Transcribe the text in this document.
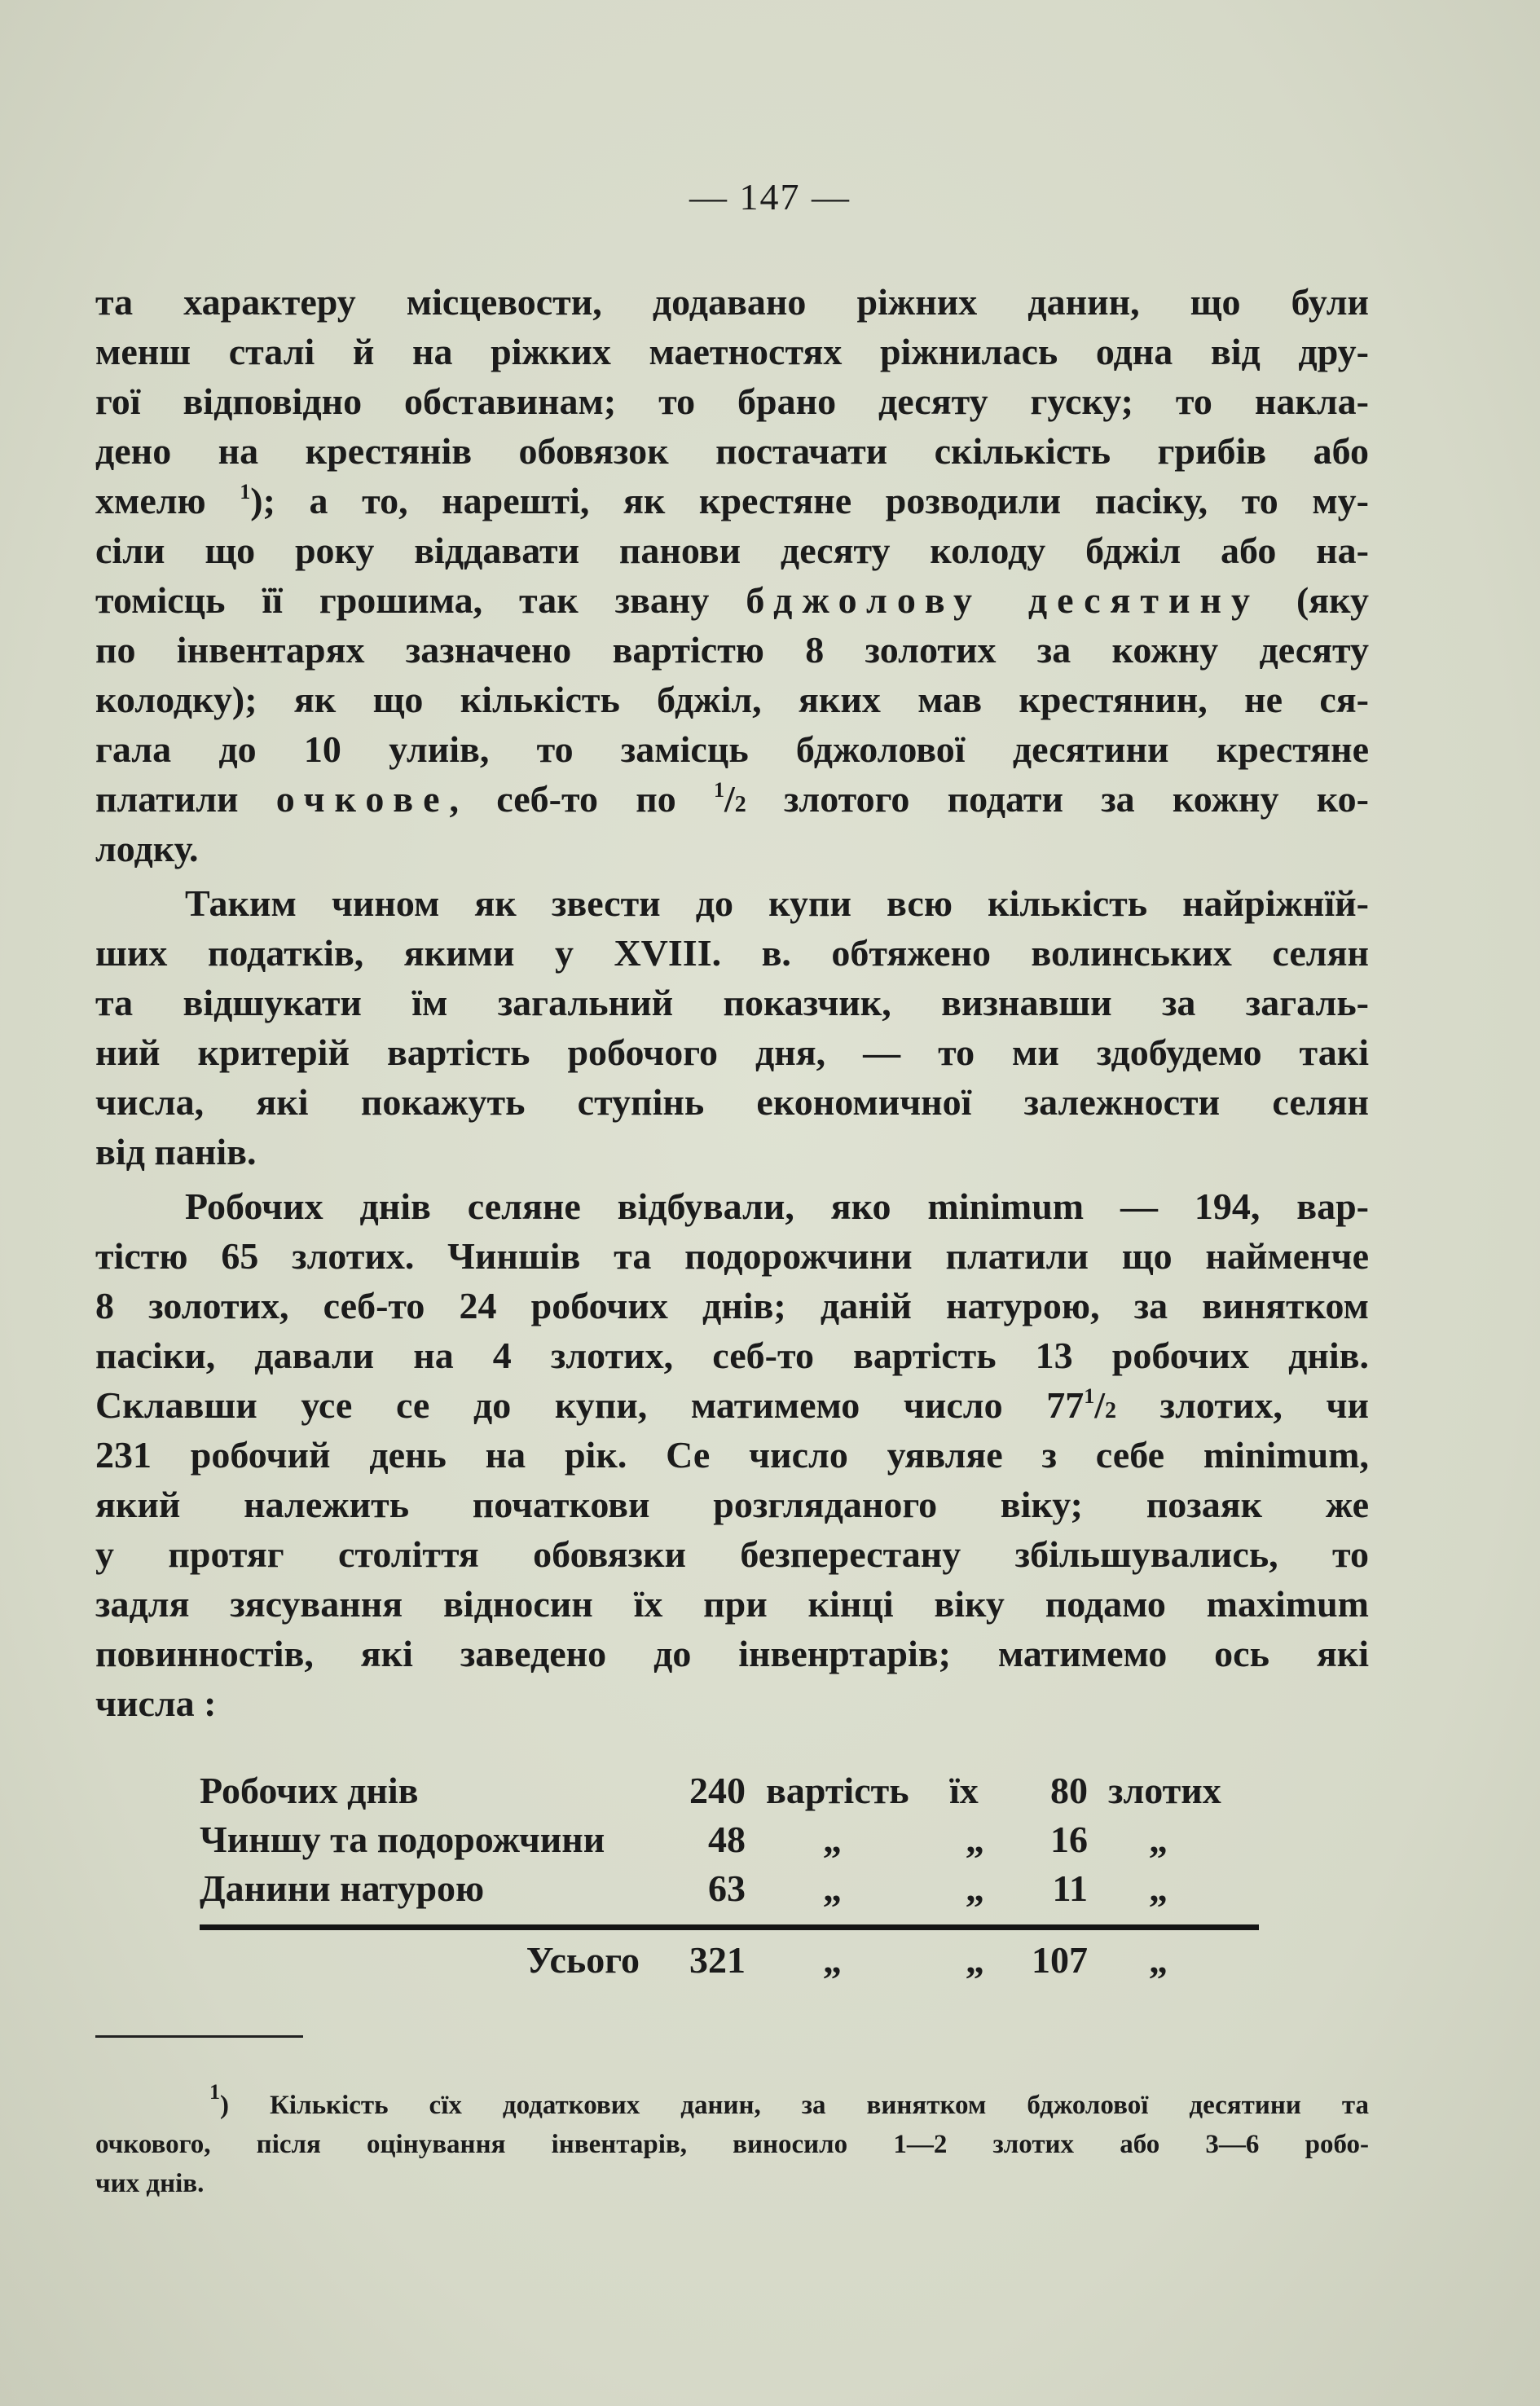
— 147 —
та характеру місцевости, додавано ріжних данин, що були
менш сталі й на ріжких маетностях ріжнилась одна від дру-
гої відповідно обставинам; то брано десяту гуску; то накла-
дено на крестянів обовязок постачати скількість грибів або
хмелю $^1$); а то, нарешті, як крестяне розводили пасіку, то му-
сіли що року віддавати панови десяту колоду бджіл або на-
томісць її грошима, так звану бджолову десятину (яку
по інвентарях зазначено вартістю 8 золотих за кожну десяту
колодку); як що кількість бджіл, яких мав крестянин, не ся-
гала до 10 улиів, то замісць бджолової десятини крестяне
платили очкове, себ-то по $^1$/2 злотого подати за кожну ко-
лодку.
Таким чином як звести до купи всю кількість найріжнїй-
ших податків, якими у XVIII. в. обтяжено волинських селян
та відшукати їм загальний показчик, визнавши за загаль-
ний критерій вартість робочого дня, — то ми здобудемо такі
числа, які покажуть ступінь економичної залежности селян
від панів.
Робочих днів селяне відбували, яко minimum — 194, вар-
тістю 65 злотих. Чиншів та подорожчини платили що найменче
8 золотих, себ-то 24 робочих днів; даній натурою, за винятком
пасіки, давали на 4 злотих, себ-то вартість 13 робочих днів.
Склавши усе се до купи, матимемо число $77^1/2$ злотих, чи
231 робочий день на рік. Се число уявляе з себе minimum,
який належить початкови розгляданого віку; позаяк же
у протяг століття обовязки безперестану збільшувались, то
задля зясування відносин їх при кінці віку подамо maximum
повинностів, які заведено до інвенртарів; матимемо ось які
числа :
Робочих днів	240 вартість	їх	80 злотих
Чиншу та подорожчини	48	„	„	16	„
Данини натурою	63	„	„	11	„
Усього	321	„	„	107	„
$^1$) Кількість сїх додаткових данин, за винятком бджолової десятини та
очкового, після оцінування інвентарів, виносило 1—2 злотих або 3—6 робо-
чих днів.
